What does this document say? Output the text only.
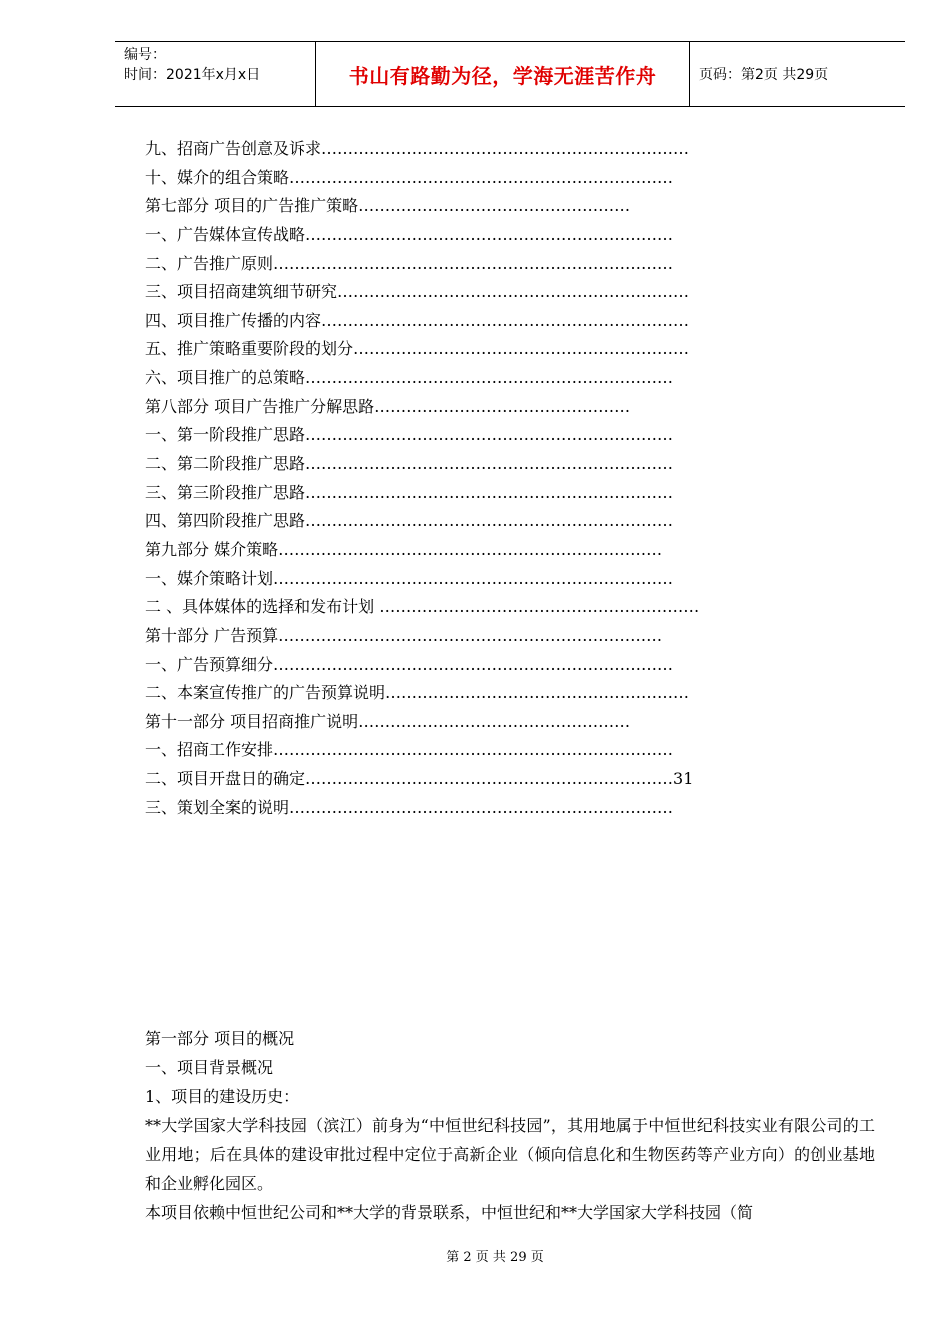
编号：
时间：2021年x月x日	书山有路勤为径，学海无涯苦作舟	页码：第2页 共29页
九、招商广告创意及诉求……………………………………………………………
十、媒介的组合策略………………………………………………………………
第七部分 项目的广告推广策略……………………………………………
一、广告媒体宣传战略……………………………………………………………
二、广告推广原则…………………………………………………………………
三、项目招商建筑细节研究…………………………………………………………
四、项目推广传播的内容……………………………………………………………
五、推广策略重要阶段的划分………………………………………………………
六、项目推广的总策略……………………………………………………………
第八部分 项目广告推广分解思路…………………………………………
一、第一阶段推广思路……………………………………………………………
二、第二阶段推广思路……………………………………………………………
三、第三阶段推广思路……………………………………………………………
四、第四阶段推广思路……………………………………………………………
第九部分 媒介策略………………………………………………………………
一、媒介策略计划…………………………………………………………………
二 、具体媒体的选择和发布计划 ……………………………………………………
第十部分 广告预算………………………………………………………………
一、广告预算细分…………………………………………………………………
二、本案宣传推广的广告预算说明…………………………………………………
第十一部分 项目招商推广说明……………………………………………
一、招商工作安排…………………………………………………………………
二、项目开盘日的确定……………………………………………………………31
三、策划全案的说明………………………………………………………………

第一部分 项目的概况

一、项目背景概况

1、项目的建设历史：

**大学国家大学科技园（滨江）前身为“中恒世纪科技园”，其用地属于中恒世纪科技实业有限公司的工业用地；后在具体的建设审批过程中定位于高新企业（倾向信息化和生物医药等产业方向）的创业基地和企业孵化园区。

本项目依赖中恒世纪公司和**大学的背景联系，中恒世纪和**大学国家大学科技园（简

第 2 页 共 29 页
